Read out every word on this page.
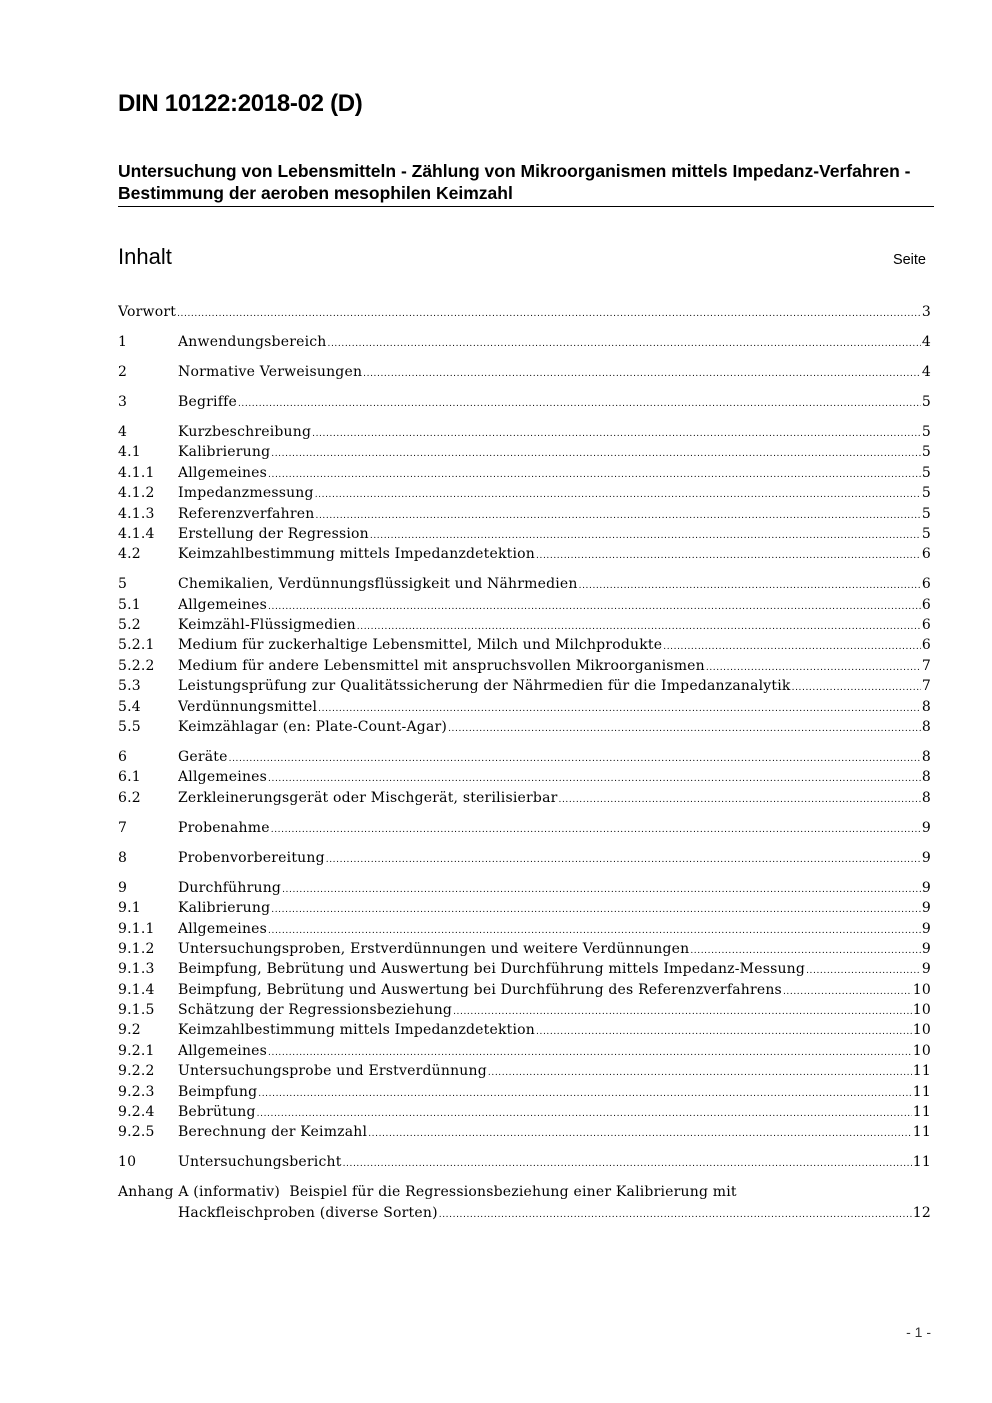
DIN 10122:2018-02 (D)
Untersuchung von Lebensmitteln - Zählung von Mikroorganismen mittels Impedanz-Verfahren - Bestimmung der aeroben mesophilen Keimzahl
Inhalt	Seite
Vorwort .....	3
1	Anwendungsbereich .....	4
2	Normative Verweisungen .....	4
3	Begriffe .....	5
4	Kurzbeschreibung .....	5
4.1	Kalibrierung .....	5
4.1.1 Allgemeines .....	5
4.1.2 Impedanzmessung .....	5
4.1.3 Referenzverfahren .....	5
4.1.4 Erstellung der Regression .....	5
4.2	Keimzahlbestimmung mittels Impedanzdetektion .....	6
5	Chemikalien, Verdünnungsflüssigkeit und Nährmedien .....	6
5.1	Allgemeines .....	6
5.2	Keimzähl-Flüssigmedien .....	6
5.2.1 Medium für zuckerhaltige Lebensmittel, Milch und Milchprodukte .....	6
5.2.2 Medium für andere Lebensmittel mit anspruchsvollen Mikroorganismen .....	7
5.3	Leistungsprüfung zur Qualitätssicherung der Nährmedien für die Impedanzanalytik .....	7
5.4	Verdünnungsmittel .....	8
5.5	Keimzählagar (en: Plate-Count-Agar) .....	8
6	Geräte .....	8
6.1	Allgemeines .....	8
6.2	Zerkleinerungsgerät oder Mischgerät, sterilisierbar .....	8
7	Probenahme .....	9
8	Probenvorbereitung .....	9
9	Durchführung .....	9
9.1	Kalibrierung .....	9
9.1.1 Allgemeines .....	9
9.1.2 Untersuchungsproben, Erstverdünnungen und weitere Verdünnungen .....	9
9.1.3 Beimpfung, Bebrütung und Auswertung bei Durchführung mittels Impedanz-Messung .....	9
9.1.4 Beimpfung, Bebrütung und Auswertung bei Durchführung des Referenzverfahrens .....	10
9.1.5 Schätzung der Regressionsbeziehung .....	10
9.2	Keimzahlbestimmung mittels Impedanzdetektion .....	10
9.2.1 Allgemeines .....	10
9.2.2 Untersuchungsprobe und Erstverdünnung .....	11
9.2.3 Beimpfung .....	11
9.2.4 Bebrütung .....	11
9.2.5 Berechnung der Keimzahl .....	11
10	Untersuchungsbericht .....	11
Anhang A (informativ) Beispiel für die Regressionsbeziehung einer Kalibrierung mit
Hackfleischproben (diverse Sorten) .....	12
- 1 -
